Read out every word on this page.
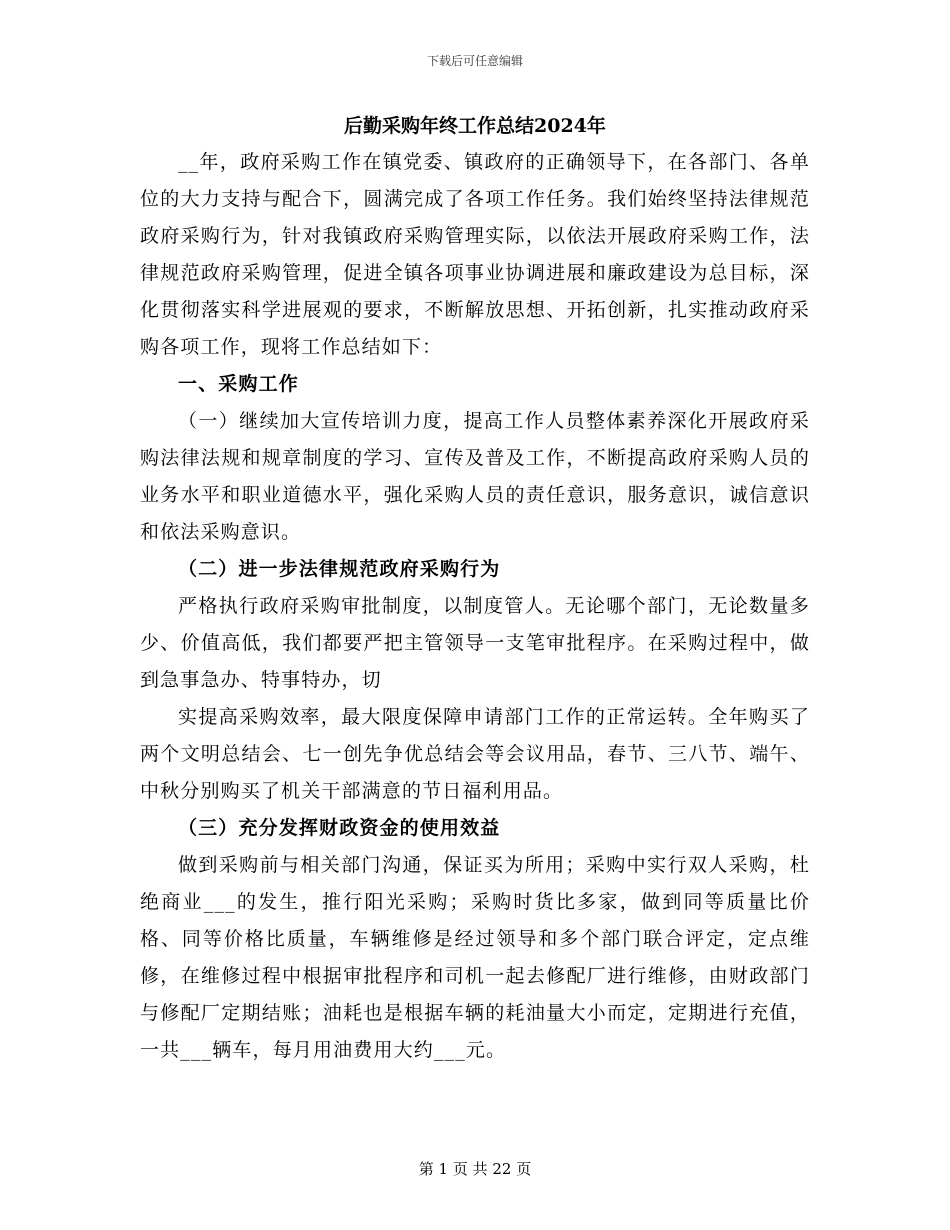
下载后可任意编辑

后勤采购年终工作总结2024年

__年，政府采购工作在镇党委、镇政府的正确领导下，在各部门、各单位的大力支持与配合下，圆满完成了各项工作任务。我们始终坚持法律规范政府采购行为，针对我镇政府采购管理实际，以依法开展政府采购工作，法律规范政府采购管理，促进全镇各项事业协调进展和廉政建设为总目标，深化贯彻落实科学进展观的要求，不断解放思想、开拓创新，扎实推动政府采购各项工作，现将工作总结如下：

一、采购工作

（一）继续加大宣传培训力度，提高工作人员整体素养深化开展政府采购法律法规和规章制度的学习、宣传及普及工作，不断提高政府采购人员的业务水平和职业道德水平，强化采购人员的责任意识，服务意识，诚信意识和依法采购意识。

（二）进一步法律规范政府采购行为

严格执行政府采购审批制度，以制度管人。无论哪个部门，无论数量多少、价值高低，我们都要严把主管领导一支笔审批程序。在采购过程中，做到急事急办、特事特办，切

实提高采购效率，最大限度保障申请部门工作的正常运转。全年购买了两个文明总结会、七一创先争优总结会等会议用品，春节、三八节、端午、中秋分别购买了机关干部满意的节日福利用品。

（三）充分发挥财政资金的使用效益

做到采购前与相关部门沟通，保证买为所用；采购中实行双人采购，杜绝商业___的发生，推行阳光采购；采购时货比多家，做到同等质量比价格、同等价格比质量，车辆维修是经过领导和多个部门联合评定，定点维修，在维修过程中根据审批程序和司机一起去修配厂进行维修，由财政部门与修配厂定期结账；油耗也是根据车辆的耗油量大小而定，定期进行充值，一共___辆车，每月用油费用大约___元。

第 1 页 共 22 页
